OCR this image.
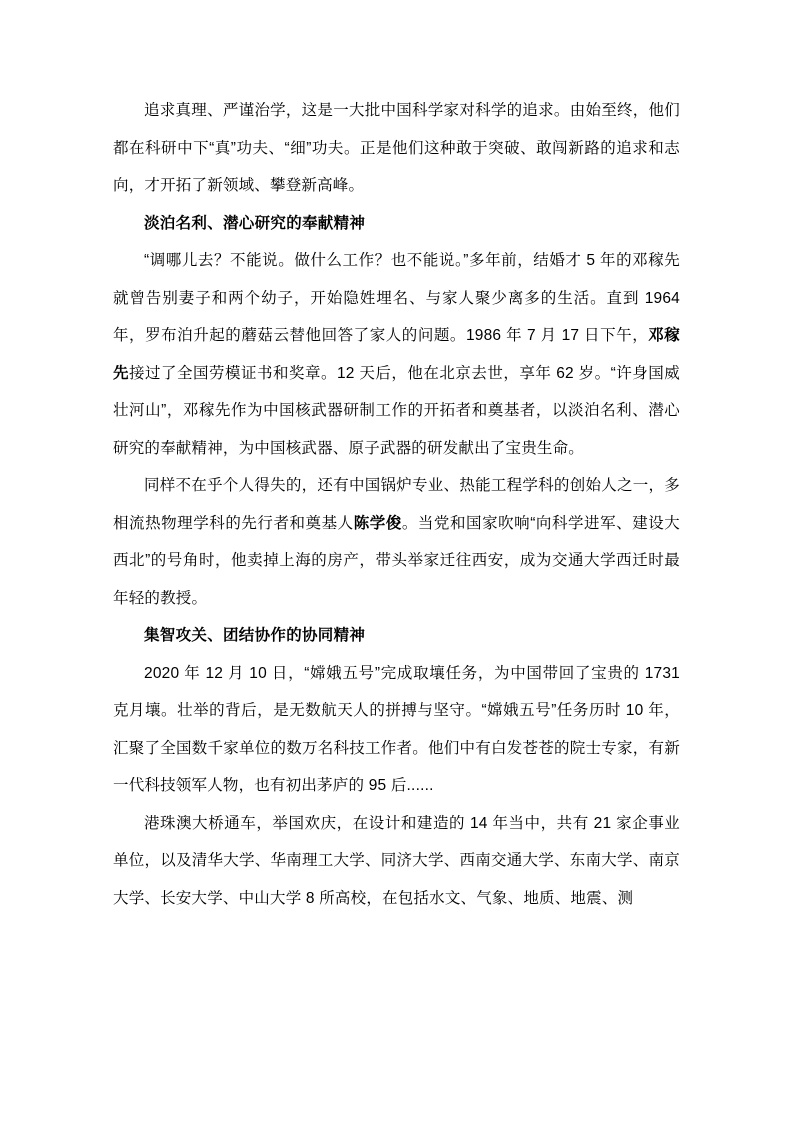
追求真理、严谨治学，这是一大批中国科学家对科学的追求。由始至终，他们都在科研中下“真”功夫、“细”功夫。正是他们这种敢于突破、敢闯新路的追求和志向，才开拓了新领域、攀登新高峰。

淡泊名利、潜心研究的奉献精神

“调哪儿去？不能说。做什么工作？也不能说。”多年前，结婚才 5 年的邓稼先就曾告别妻子和两个幼子，开始隐姓埋名、与家人聚少离多的生活。直到 1964 年，罗布泊升起的蘑菇云替他回答了家人的问题。1986 年 7 月 17 日下午，邓稼先接过了全国劳模证书和奖章。12 天后，他在北京去世，享年 62 岁。“许身国威壮河山”，邓稼先作为中国核武器研制工作的开拓者和奠基者，以淡泊名利、潜心研究的奉献精神，为中国核武器、原子武器的研发献出了宝贵生命。

同样不在乎个人得失的，还有中国锅炉专业、热能工程学科的创始人之一，多相流热物理学科的先行者和奠基人陈学俊。当党和国家吹响“向科学进军、建设大西北”的号角时，他卖掉上海的房产，带头举家迁往西安，成为交通大学西迁时最年轻的教授。

集智攻关、团结协作的协同精神

2020 年 12 月 10 日，“嫦娥五号”完成取壤任务，为中国带回了宝贵的 1731 克月壤。壮举的背后，是无数航天人的拼搏与坚守。“嫦娥五号”任务历时 10 年，汇聚了全国数千家单位的数万名科技工作者。他们中有白发苍苍的院士专家，有新一代科技领军人物，也有初出茅庐的 95 后......

港珠澳大桥通车，举国欢庆，在设计和建造的 14 年当中，共有 21 家企事业单位，以及清华大学、华南理工大学、同济大学、西南交通大学、东南大学、南京大学、长安大学、中山大学 8 所高校，在包括水文、气象、地质、地震、测
